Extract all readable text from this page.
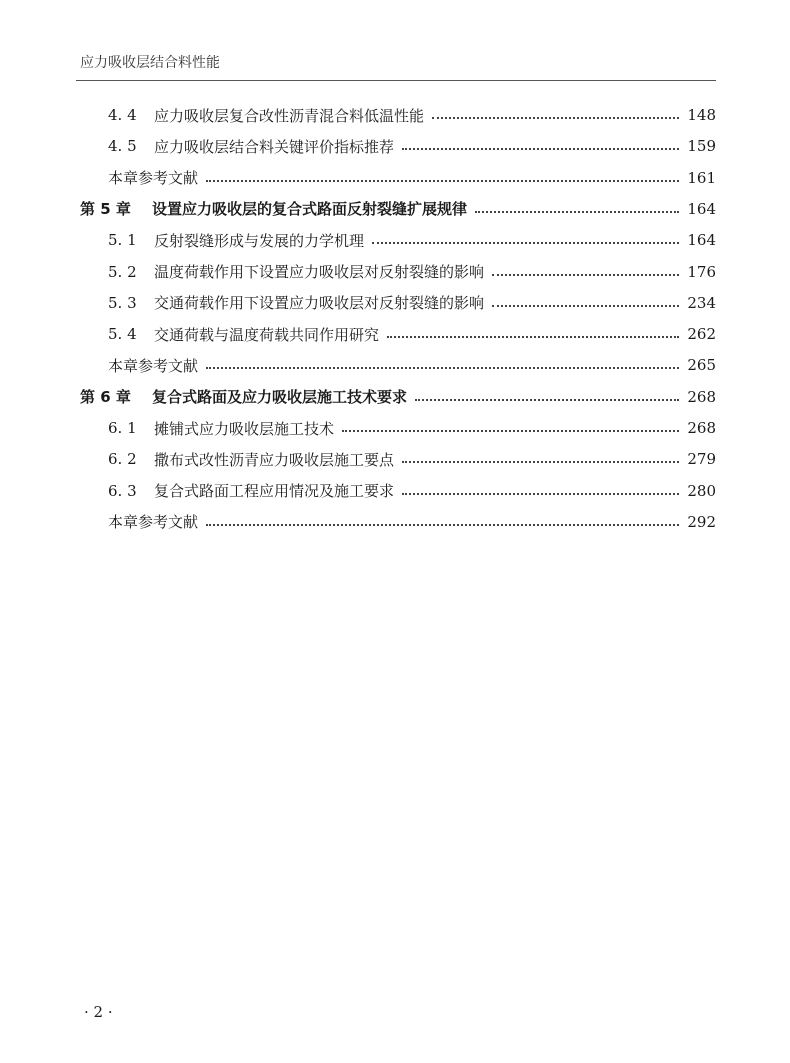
应力吸收层结合料性能
4. 4	应力吸收层复合改性沥青混合料低温性能	148
4. 5	应力吸收层结合料关键评价指标推荐	159
本章参考文献	161
第 5 章	设置应力吸收层的复合式路面反射裂缝扩展规律	164
5. 1	反射裂缝形成与发展的力学机理	164
5. 2	温度荷载作用下设置应力吸收层对反射裂缝的影响	176
5. 3	交通荷载作用下设置应力吸收层对反射裂缝的影响	234
5. 4	交通荷载与温度荷载共同作用研究	262
本章参考文献	265
第 6 章	复合式路面及应力吸收层施工技术要求	268
6. 1	摊铺式应力吸收层施工技术	268
6. 2	撒布式改性沥青应力吸收层施工要点	279
6. 3	复合式路面工程应用情况及施工要求	280
本章参考文献	292
· 2 ·
